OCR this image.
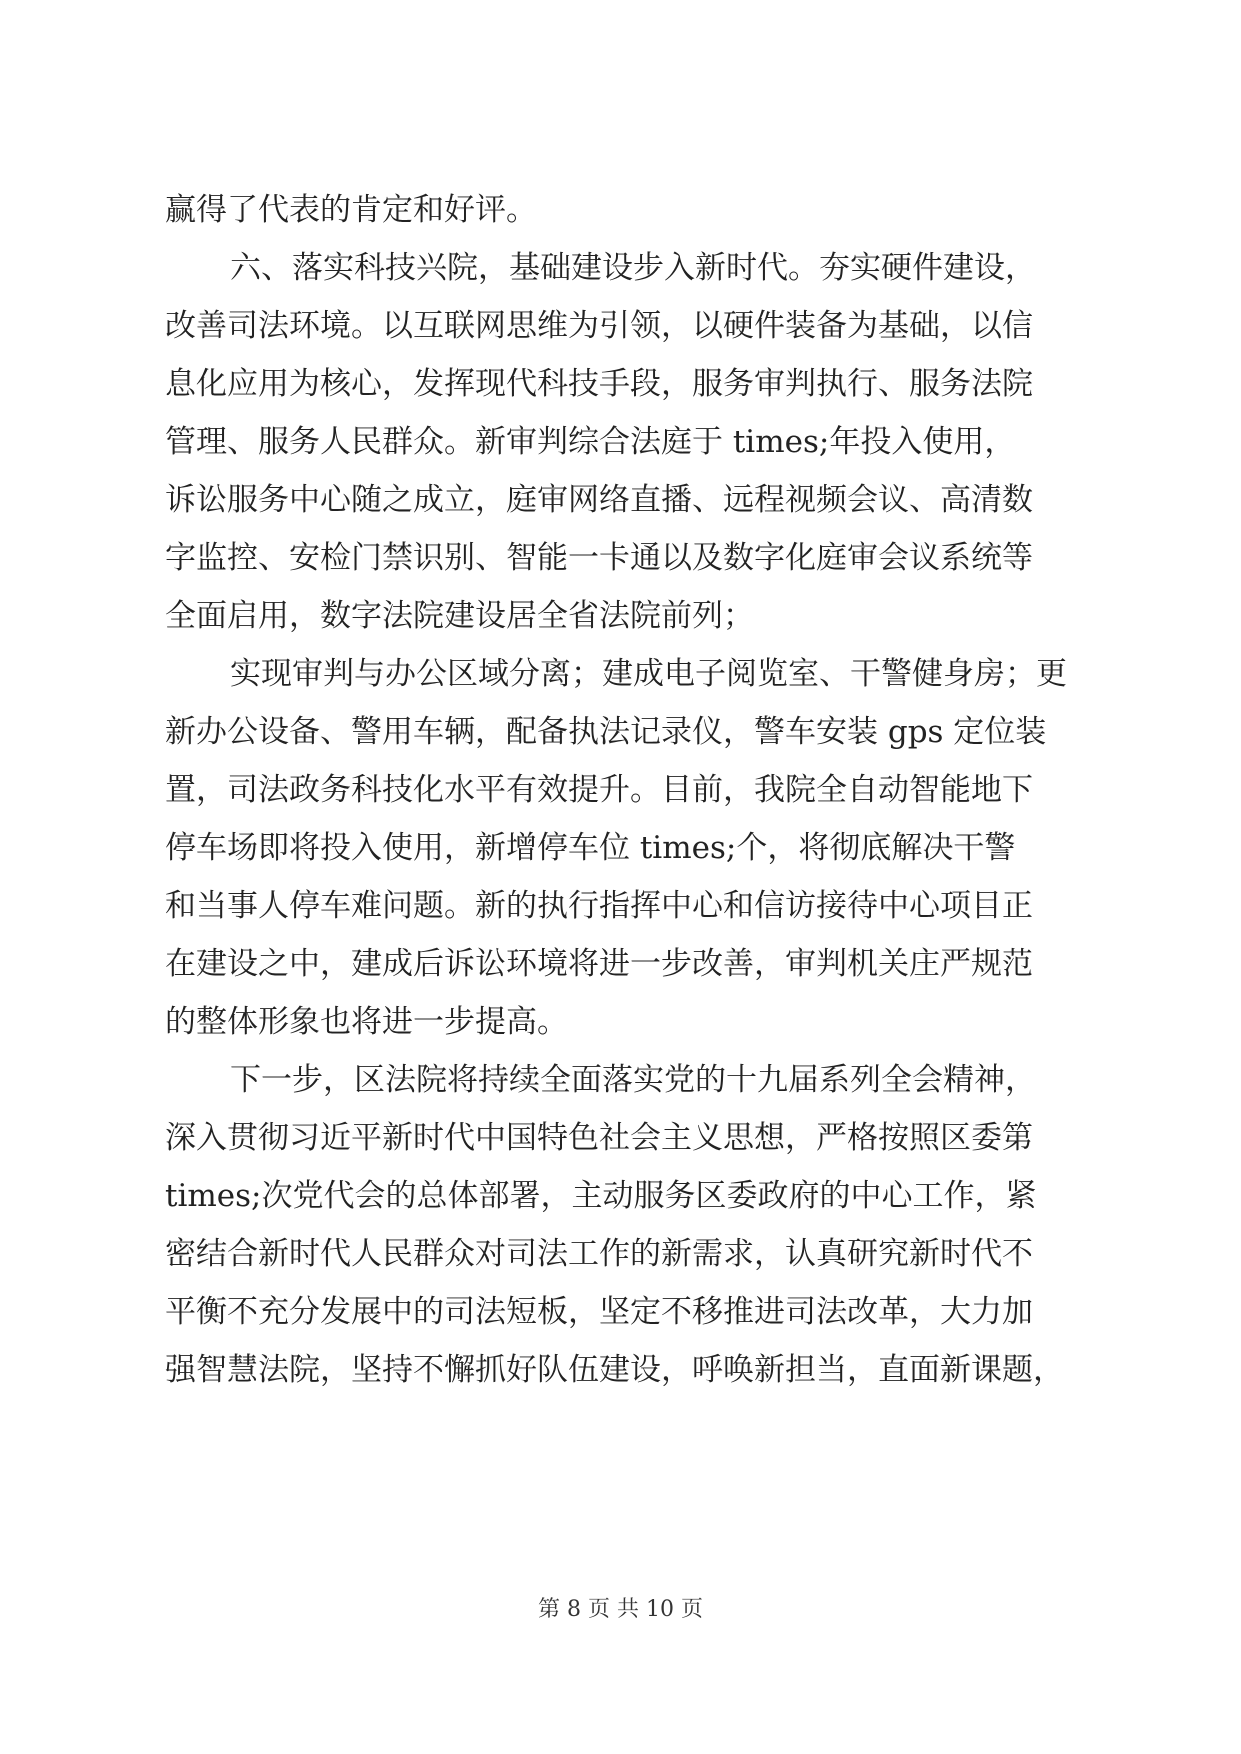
赢得了代表的肯定和好评。
六、落实科技兴院，基础建设步入新时代。夯实硬件建设，
改善司法环境。以互联网思维为引领，以硬件装备为基础，以信
息化应用为核心，发挥现代科技手段，服务审判执行、服务法院
管理、服务人民群众。新审判综合法庭于 times;年投入使用，
诉讼服务中心随之成立，庭审网络直播、远程视频会议、高清数
字监控、安检门禁识别、智能一卡通以及数字化庭审会议系统等
全面启用，数字法院建设居全省法院前列；
实现审判与办公区域分离；建成电子阅览室、干警健身房；更
新办公设备、警用车辆，配备执法记录仪，警车安装 gps 定位装
置，司法政务科技化水平有效提升。目前，我院全自动智能地下
停车场即将投入使用，新增停车位 times;个，将彻底解决干警
和当事人停车难问题。新的执行指挥中心和信访接待中心项目正
在建设之中，建成后诉讼环境将进一步改善，审判机关庄严规范
的整体形象也将进一步提高。
下一步，区法院将持续全面落实党的十九届系列全会精神，
深入贯彻习近平新时代中国特色社会主义思想，严格按照区委第
times;次党代会的总体部署，主动服务区委政府的中心工作，紧
密结合新时代人民群众对司法工作的新需求，认真研究新时代不
平衡不充分发展中的司法短板，坚定不移推进司法改革，大力加
强智慧法院，坚持不懈抓好队伍建设，呼唤新担当，直面新课题，
第 8 页 共 10 页
